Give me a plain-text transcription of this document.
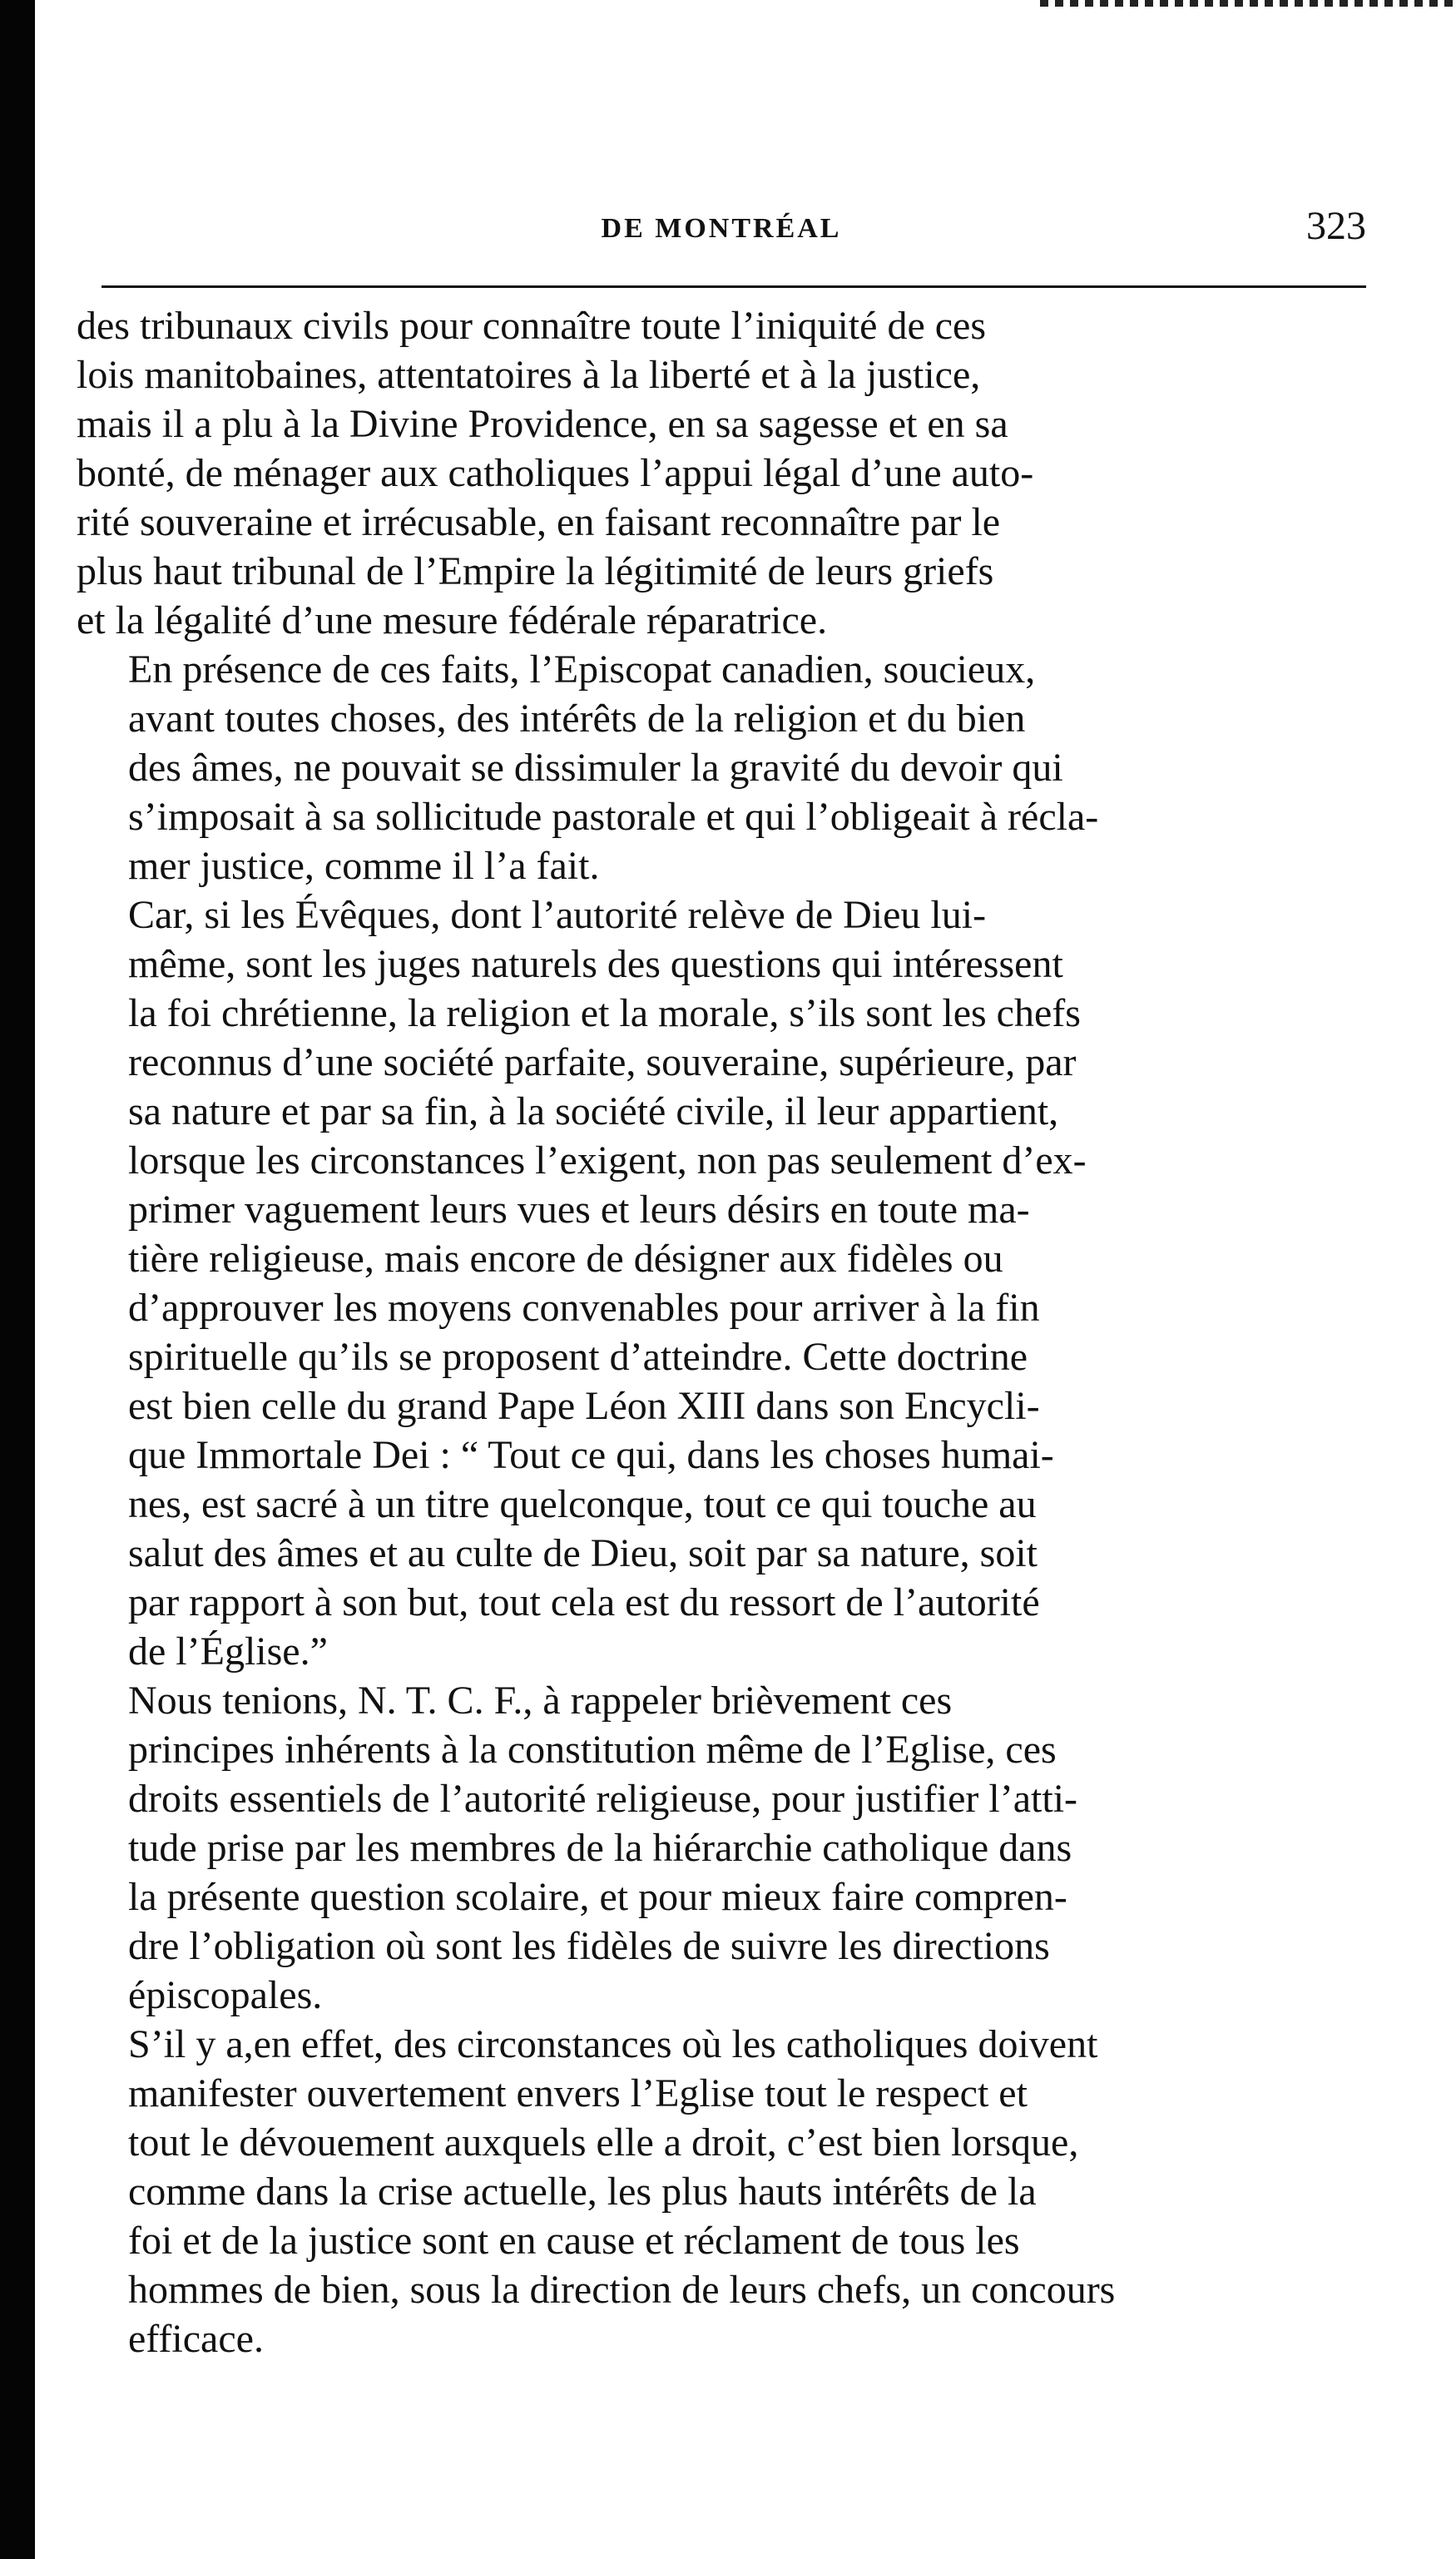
DE MONTRÉAL	323

des tribunaux civils pour connaître toute l’iniquité de ces
lois manitobaines, attentatoires à la liberté et à la justice,
mais il a plu à la Divine Providence, en sa sagesse et en sa
bonté, de ménager aux catholiques l’appui légal d’une auto-
rité souveraine et irrécusable, en faisant reconnaître par le
plus haut tribunal de l’Empire la légitimité de leurs griefs
et la légalité d’une mesure fédérale réparatrice.

En présence de ces faits, l’Episcopat canadien, soucieux,
avant toutes choses, des intérêts de la religion et du bien
des âmes, ne pouvait se dissimuler la gravité du devoir qui
s’imposait à sa sollicitude pastorale et qui l’obligeait à récla-
mer justice, comme il l’a fait.

Car, si les Évêques, dont l’autorité relève de Dieu lui-
même, sont les juges naturels des questions qui intéressent
la foi chrétienne, la religion et la morale, s’ils sont les chefs
reconnus d’une société parfaite, souveraine, supérieure, par
sa nature et par sa fin, à la société civile, il leur appartient,
lorsque les circonstances l’exigent, non pas seulement d’ex-
primer vaguement leurs vues et leurs désirs en toute ma-
tière religieuse, mais encore de désigner aux fidèles ou
d’approuver les moyens convenables pour arriver à la fin
spirituelle qu’ils se proposent d’atteindre. Cette doctrine
est bien celle du grand Pape Léon XIII dans son Encycli-
que Immortale Dei : “ Tout ce qui, dans les choses humai-
nes, est sacré à un titre quelconque, tout ce qui touche au
salut des âmes et au culte de Dieu, soit par sa nature, soit
par rapport à son but, tout cela est du ressort de l’autorité
de l’Église.”

Nous tenions, N. T. C. F., à rappeler brièvement ces
principes inhérents à la constitution même de l’Eglise, ces
droits essentiels de l’autorité religieuse, pour justifier l’atti-
tude prise par les membres de la hiérarchie catholique dans
la présente question scolaire, et pour mieux faire compren-
dre l’obligation où sont les fidèles de suivre les directions
épiscopales.

S’il y a,en effet, des circonstances où les catholiques doivent
manifester ouvertement envers l’Eglise tout le respect et
tout le dévouement auxquels elle a droit, c’est bien lorsque,
comme dans la crise actuelle, les plus hauts intérêts de la
foi et de la justice sont en cause et réclament de tous les
hommes de bien, sous la direction de leurs chefs, un concours
efficace.
